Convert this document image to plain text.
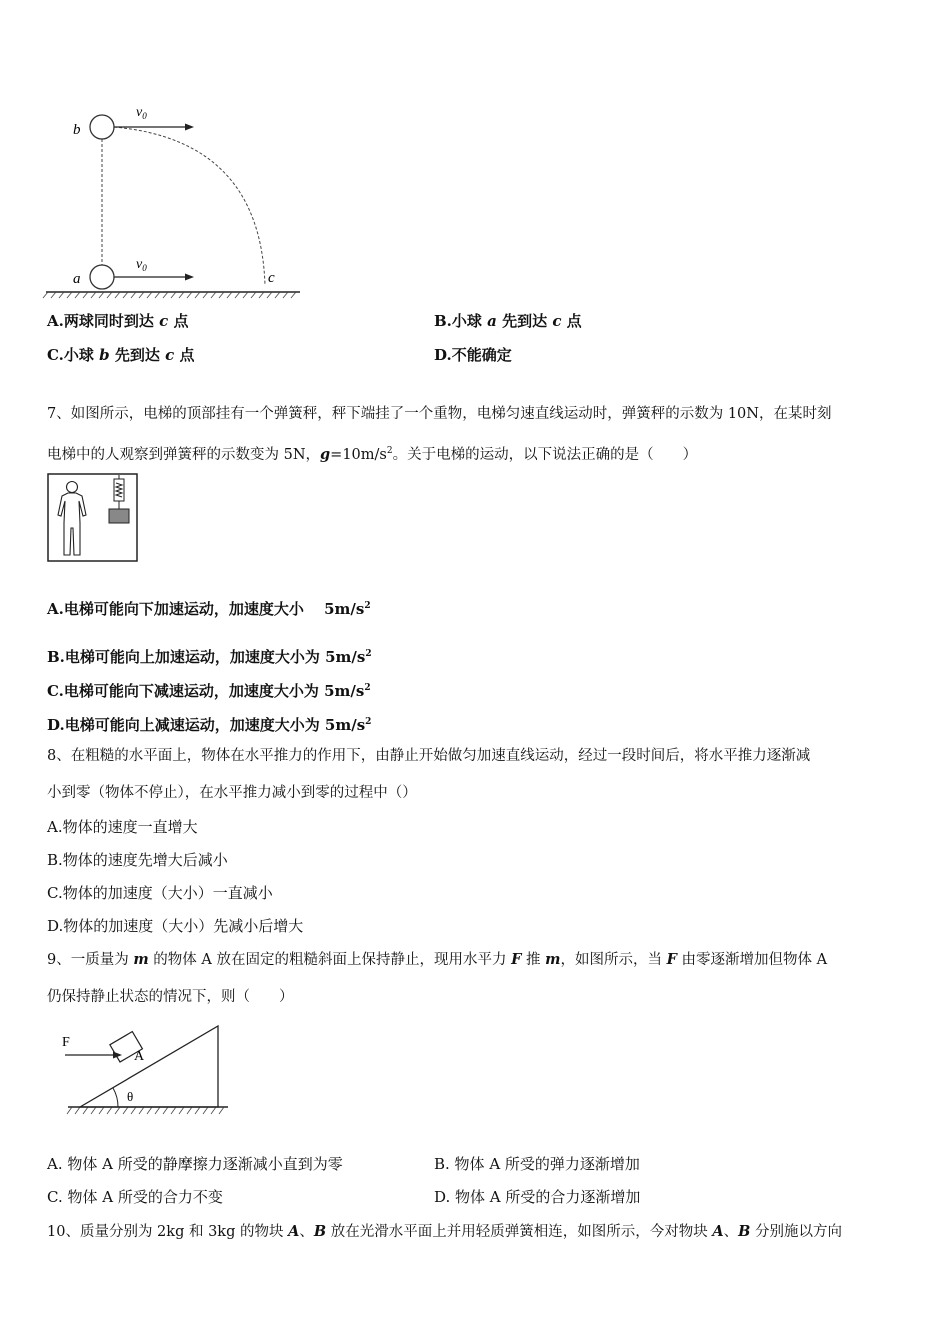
b
a	c
$v_0$
$v_0$
A.两球同时到达 c 点	B.小球 a 先到达 c 点
C.小球 b 先到达 c 点	D.不能确定
7、如图所示，电梯的顶部挂有一个弹簧秤，秤下端挂了一个重物，电梯匀速直线运动时，弹簧秤的示数为 10N，在某时刻
电梯中的人观察到弹簧秤的示数变为 5N，$g=10m/s^2$。关于电梯的运动，以下说法正确的是（　　）
A.电梯可能向下加速运动，加速度大小　 $5m/s^2$
B.电梯可能向上加速运动，加速度大小为 $5m/s^2$
C.电梯可能向下减速运动，加速度大小为 $5m/s^2$
D.电梯可能向上减速运动，加速度大小为 $5m/s^2$
8、在粗糙的水平面上，物体在水平推力的作用下，由静止开始做匀加速直线运动，经过一段时间后，将水平推力逐渐减
小到零（物体不停止），在水平推力减小到零的过程中（）
A.物体的速度一直增大
B.物体的速度先增大后减小
C.物体的加速度（大小）一直减小
D.物体的加速度（大小）先减小后增大
9、一质量为 m 的物体 A 放在固定的粗糙斜面上保持静止，现用水平力 F 推 m，如图所示，当 F 由零逐渐增加但物体 A
仍保持静止状态的情况下，则（　　）
F
A
θ
A. 物体 A 所受的静摩擦力逐渐减小直到为零	B. 物体 A 所受的弹力逐渐增加
C. 物体 A 所受的合力不变	D. 物体 A 所受的合力逐渐增加
10、质量分别为 2kg 和 3kg 的物块 A、B 放在光滑水平面上并用轻质弹簧相连，如图所示，今对物块 A、B 分别施以方向
